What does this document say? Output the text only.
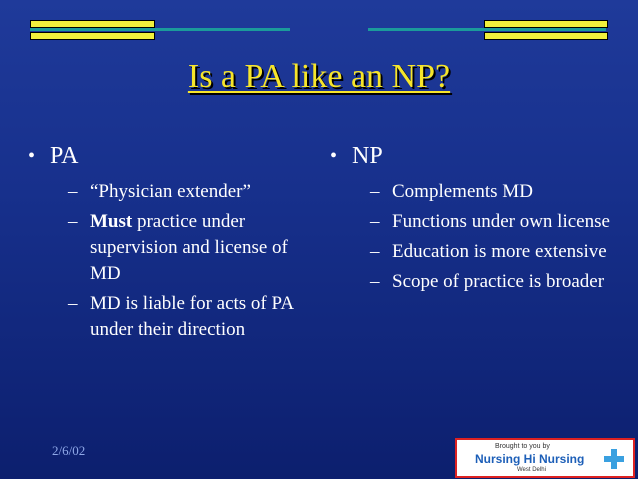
Is a PA like an NP?
• PA
– “Physician extender”
– Must practice under supervision and license of MD
– MD is liable for acts of PA under their direction
• NP
– Complements MD
– Functions under own license
– Education is more extensive
– Scope of practice is broader
2/6/02	Brought to you by
Nursing Hi Nursing
West Delhi
